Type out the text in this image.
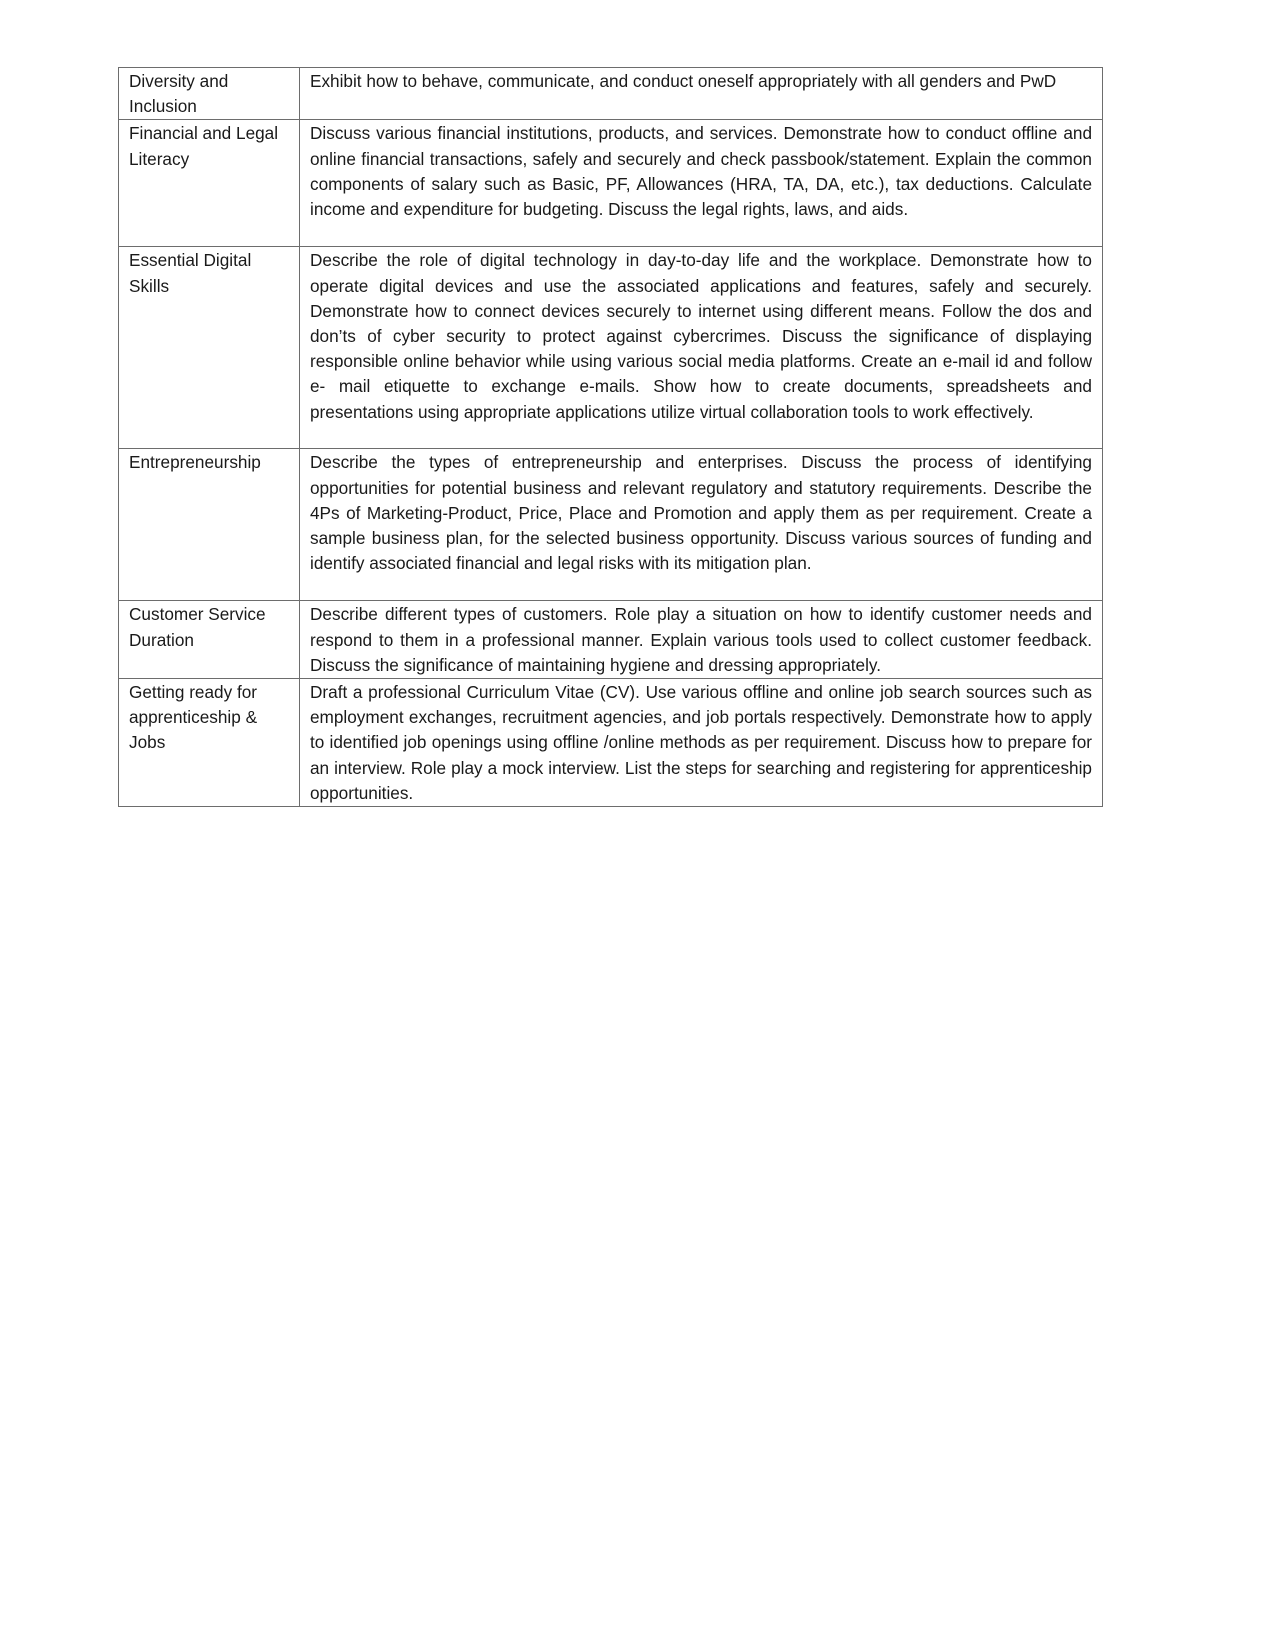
Diversity and Inclusion	Exhibit how to behave, communicate, and conduct oneself appropriately with all genders and PwD
Financial and Legal Literacy	Discuss various financial institutions, products, and services. Demonstrate how to conduct offline and online financial transactions, safely and securely and check passbook/statement. Explain the common components of salary such as Basic, PF, Allowances (HRA, TA, DA, etc.), tax deductions. Calculate income and expenditure for budgeting. Discuss the legal rights, laws, and aids.
Essential Digital Skills	Describe the role of digital technology in day-to-day life and the workplace. Demonstrate how to operate digital devices and use the associated applications and features, safely and securely. Demonstrate how to connect devices securely to internet using different means. Follow the dos and don’ts of cyber security to protect against cybercrimes. Discuss the significance of displaying responsible online behavior while using various social media platforms. Create an e-mail id and follow e- mail etiquette to exchange e-mails. Show how to create documents, spreadsheets and presentations using appropriate applications utilize virtual collaboration tools to work effectively.
Entrepreneurship	Describe the types of entrepreneurship and enterprises. Discuss the process of identifying opportunities for potential business and relevant regulatory and statutory requirements. Describe the 4Ps of Marketing-Product, Price, Place and Promotion and apply them as per requirement. Create a sample business plan, for the selected business opportunity. Discuss various sources of funding and identify associated financial and legal risks with its mitigation plan.
Customer Service Duration	Describe different types of customers. Role play a situation on how to identify customer needs and respond to them in a professional manner. Explain various tools used to collect customer feedback. Discuss the significance of maintaining hygiene and dressing appropriately.
Getting ready for apprenticeship & Jobs	Draft a professional Curriculum Vitae (CV). Use various offline and online job search sources such as employment exchanges, recruitment agencies, and job portals respectively. Demonstrate how to apply to identified job openings using offline /online methods as per requirement. Discuss how to prepare for an interview. Role play a mock interview. List the steps for searching and registering for apprenticeship opportunities.
